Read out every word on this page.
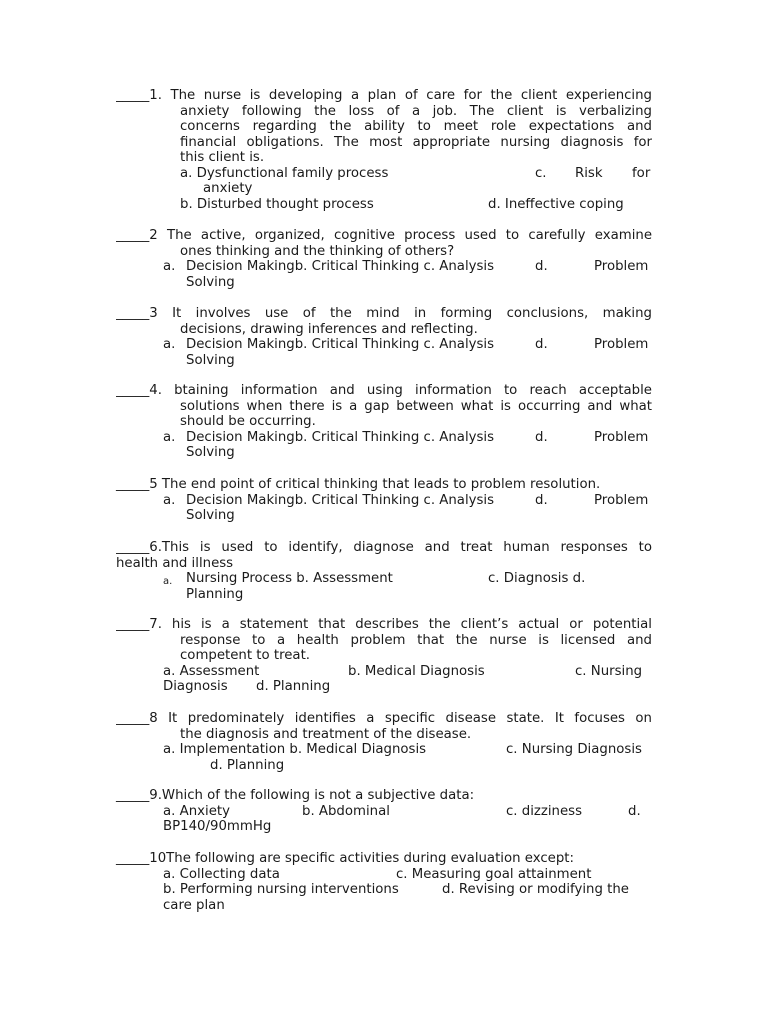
_____1. The nurse is developing a plan of care for the client experiencing
anxiety following the loss of a job. The client is verbalizing
concerns regarding the ability to meet role expectations and
financial obligations. The most appropriate nursing diagnosis for
this client is.
a. Dysfunctional family process	c. Risk for
anxiety
b. Disturbed thought process	d. Ineffective coping
_____2 The active, organized, cognitive process used to carefully examine
ones thinking and the thinking of others?
a. Decision Makingb. Critical Thinking c. Analysis	d.	Problem
Solving
_____3 It involves use of the mind in forming conclusions, making
decisions, drawing inferences and reflecting.
a. Decision Makingb. Critical Thinking c. Analysis	d.	Problem
Solving
_____4. btaining information and using information to reach acceptable
solutions when there is a gap between what is occurring and what
should be occurring.
a. Decision Makingb. Critical Thinking c. Analysis	d.	Problem
Solving
_____5 The end point of critical thinking that leads to problem resolution.
a. Decision Makingb. Critical Thinking c. Analysis	d.	Problem
Solving
_____6.This is used to identify, diagnose and treat human responses to
health and illness
a. Nursing Process b. Assessment	c. Diagnosis d.
Planning
_____7. his is a statement that describes the client’s actual or potential
response to a health problem that the nurse is licensed and
competent to treat.
a. Assessment	b. Medical Diagnosis	c. Nursing
Diagnosis d. Planning
_____8 It predominately identifies a specific disease state. It focuses on
the diagnosis and treatment of the disease.
a. Implementation b. Medical Diagnosis	c. Nursing Diagnosis
d. Planning
_____9.Which of the following is not a subjective data:
a. Anxiety	b. Abdominal	c. dizziness	d.
BP140/90mmHg
_____10The following are specific activities during evaluation except:
a. Collecting data	c. Measuring goal attainment
b. Performing nursing interventions	d. Revising or modifying the
care plan
